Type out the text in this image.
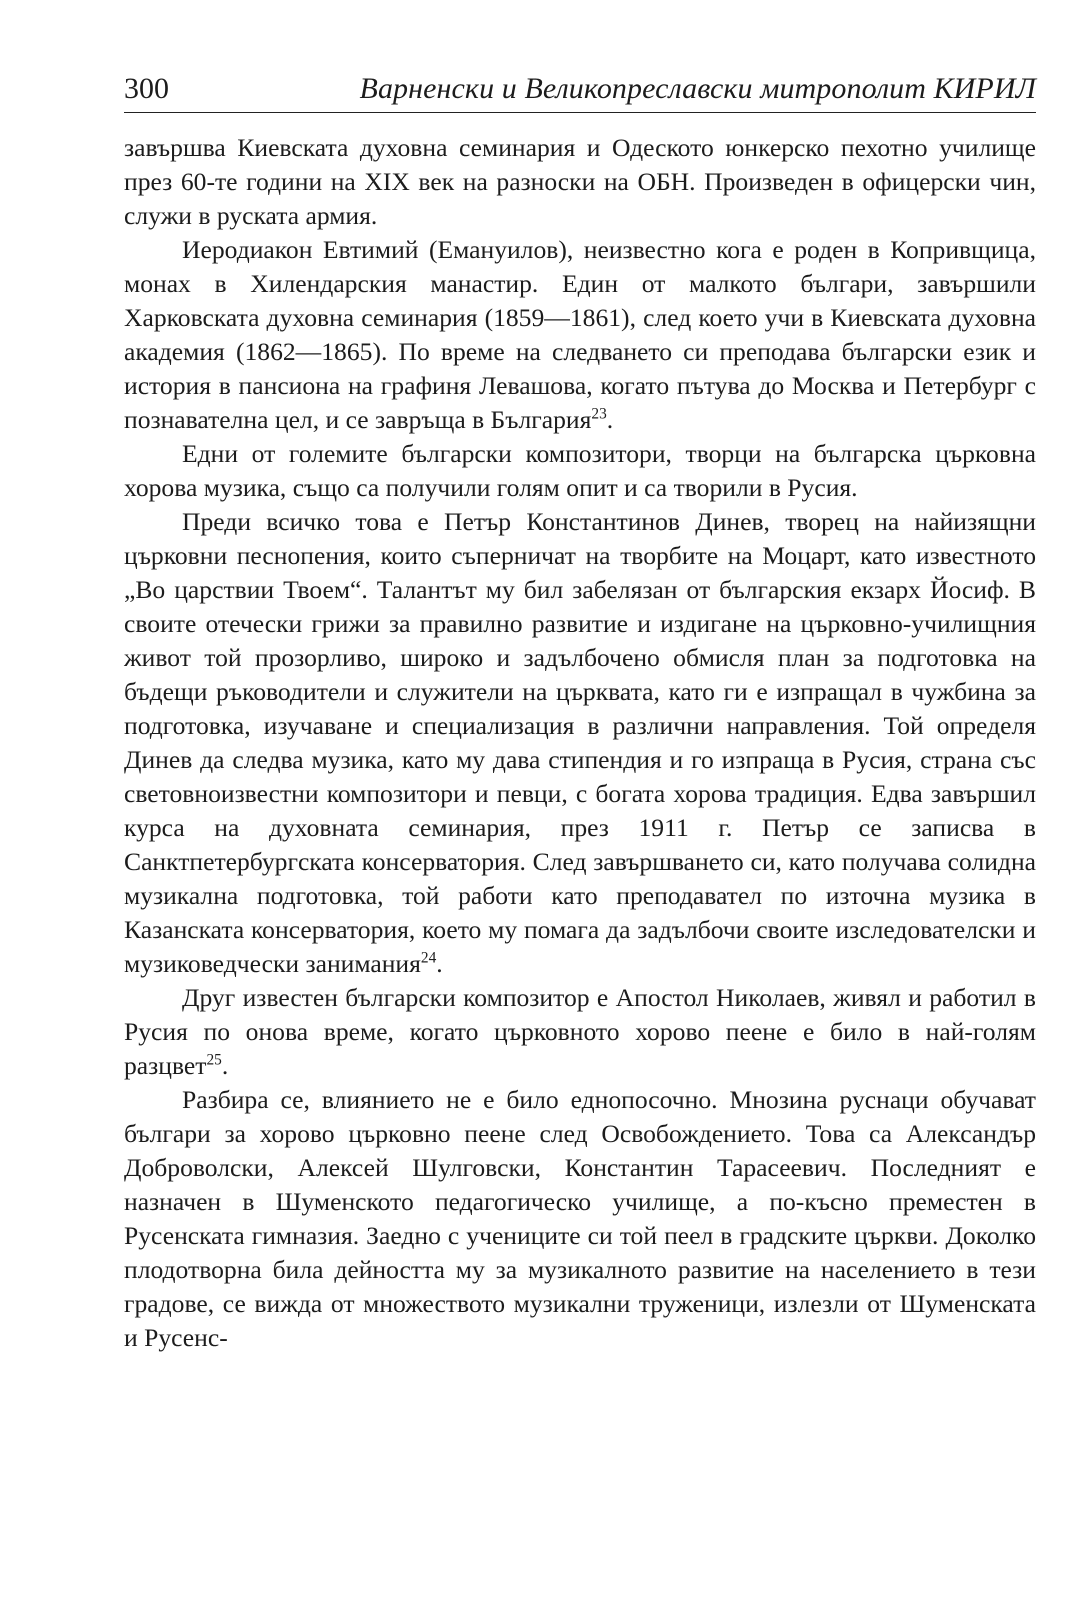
300	Варненски и Великопреславски митрополит КИРИЛ

завършва Киевската духовна семинария и Одеското юнкерско пехотно училище през 60-те години на XIX век на разноски на ОБН. Произведен в офицерски чин, служи в руската армия.

Иеродиакон Евтимий (Емануилов), неизвестно кога е роден в Копривщица, монах в Хилендарския манастир. Един от малкото българи, завършили Харковската духовна семинария (1859—1861), след което учи в Киевската духовна академия (1862—1865). По време на следването си преподава български език и история в пансиона на графиня Левашова, когато пътува до Москва и Петербург с познавателна цел, и се завръща в България$^{23}$.

Едни от големите български композитори, творци на българска църковна хорова музика, също са получили голям опит и са творили в Русия.

Преди всичко това е Петър Константинов Динев, творец на найизящни църковни песнопения, които съперничат на творбите на Моцарт, като известното „Во царствии Твоем“. Талантът му бил забелязан от българския екзарх Йосиф. В своите отечески грижи за правилно развитие и издигане на църковно-училищния живот той прозорливо, широко и задълбочено обмисля план за подготовка на бъдещи ръководители и служители на църквата, като ги е изпращал в чужбина за подготовка, изучаване и специализация в различни направления. Той определя Динев да следва музика, като му дава стипендия и го изпраща в Русия, страна със световноизвестни композитори и певци, с богата хорова традиция. Едва завършил курса на духовната семинария, през 1911 г. Петър се записва в Санктпетербургската консерватория. След завършването си, като получава солидна музикална подготовка, той работи като преподавател по източна музика в Казанската консерватория, което му помага да задълбочи своите изследователски и музиковедчески занимания$^{24}$.

Друг известен български композитор е Апостол Николаев, живял и работил в Русия по онова време, когато църковното хорово пеене е било в най-голям разцвет$^{25}$.

Разбира се, влиянието не е било еднопосочно. Мнозина руснаци обучават българи за хорово църковно пеене след Освобождението. Това са Александър Доброволски, Алексей Шулговски, Константин Тарасеевич. Последният е назначен в Шуменското педагогическо училище, а по-късно преместен в Русенската гимназия. Заедно с учениците си той пеел в градските църкви. Доколко плодотворна била дейността му за музикалното развитие на населението в тези градове, се вижда от множеството музикални труженици, излезли от Шуменската и Русенс-
